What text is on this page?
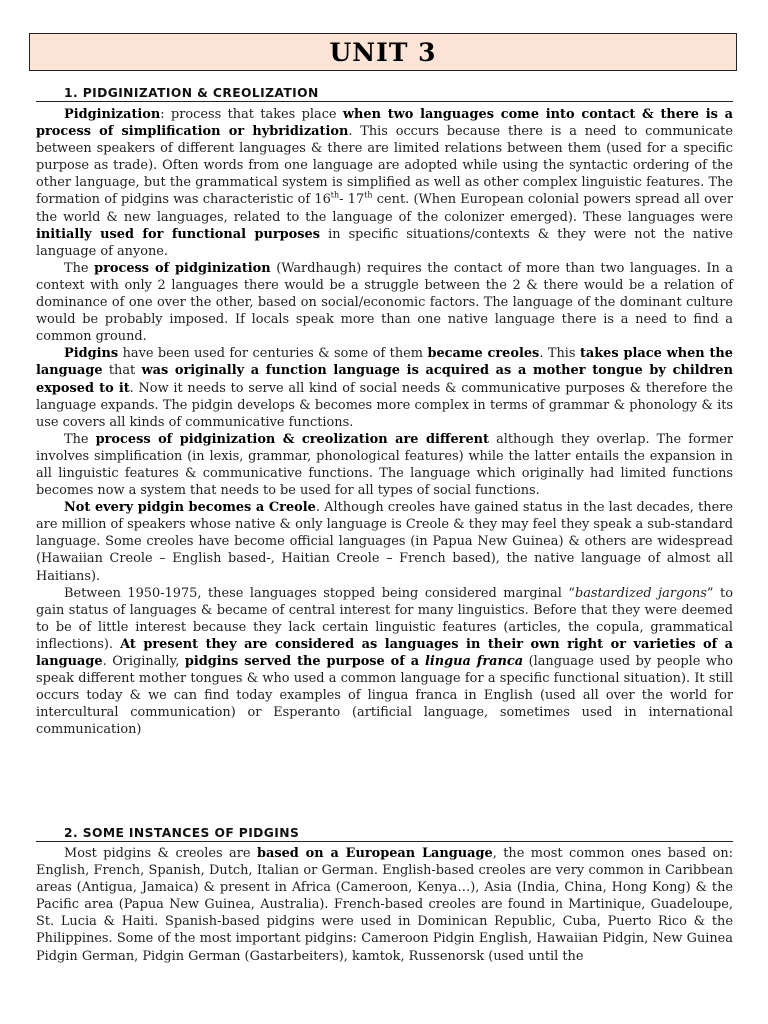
UNIT 3
1. PIDGINIZATION & CREOLIZATION

Pidginization: process that takes place when two languages come into contact & there is a process of simplification or hybridization. This occurs because there is a need to communicate between speakers of different languages & there are limited relations between them (used for a specific purpose as trade). Often words from one language are adopted while using the syntactic ordering of the other language, but the grammatical system is simplified as well as other complex linguistic features. The formation of pidgins was characteristic of 16th- 17th cent. (When European colonial powers spread all over the world & new languages, related to the language of the colonizer emerged). These languages were initially used for functional purposes in specific situations/contexts & they were not the native language of anyone.

The process of pidginization (Wardhaugh) requires the contact of more than two languages. In a context with only 2 languages there would be a struggle between the 2 & there would be a relation of dominance of one over the other, based on social/economic factors. The language of the dominant culture would be probably imposed. If locals speak more than one native language there is a need to find a common ground.

Pidgins have been used for centuries & some of them became creoles. This takes place when the language that was originally a function language is acquired as a mother tongue by children exposed to it. Now it needs to serve all kind of social needs & communicative purposes & therefore the language expands. The pidgin develops & becomes more complex in terms of grammar & phonology & its use covers all kinds of communicative functions.

The process of pidginization & creolization are different although they overlap. The former involves simplification (in lexis, grammar, phonological features) while the latter entails the expansion in all linguistic features & communicative functions. The language which originally had limited functions becomes now a system that needs to be used for all types of social functions.

Not every pidgin becomes a Creole. Although creoles have gained status in the last decades, there are million of speakers whose native & only language is Creole & they may feel they speak a sub-standard language. Some creoles have become official languages (in Papua New Guinea) & others are widespread (Hawaiian Creole – English based-, Haitian Creole – French based), the native language of almost all Haitians).

Between 1950-1975, these languages stopped being considered marginal “bastardized jargons” to gain status of languages & became of central interest for many linguistics. Before that they were deemed to be of little interest because they lack certain linguistic features (articles, the copula, grammatical inflections). At present they are considered as languages in their own right or varieties of a language. Originally, pidgins served the purpose of a lingua franca (language used by people who speak different mother tongues & who used a common language for a specific functional situation). It still occurs today & we can find today examples of lingua franca in English (used all over the world for intercultural communication) or Esperanto (artificial language, sometimes used in international communication)

2. SOME INSTANCES OF PIDGINS

Most pidgins & creoles are based on a European Language, the most common ones based on: English, French, Spanish, Dutch, Italian or German. English-based creoles are very common in Caribbean areas (Antigua, Jamaica) & present in Africa (Cameroon, Kenya…), Asia (India, China, Hong Kong) & the Pacific area (Papua New Guinea, Australia). French-based creoles are found in Martinique, Guadeloupe, St. Lucia & Haiti. Spanish-based pidgins were used in Dominican Republic, Cuba, Puerto Rico & the Philippines. Some of the most important pidgins: Cameroon Pidgin English, Hawaiian Pidgin, New Guinea Pidgin German, Pidgin German (Gastarbeiters), kamtok, Russenorsk (used until the
